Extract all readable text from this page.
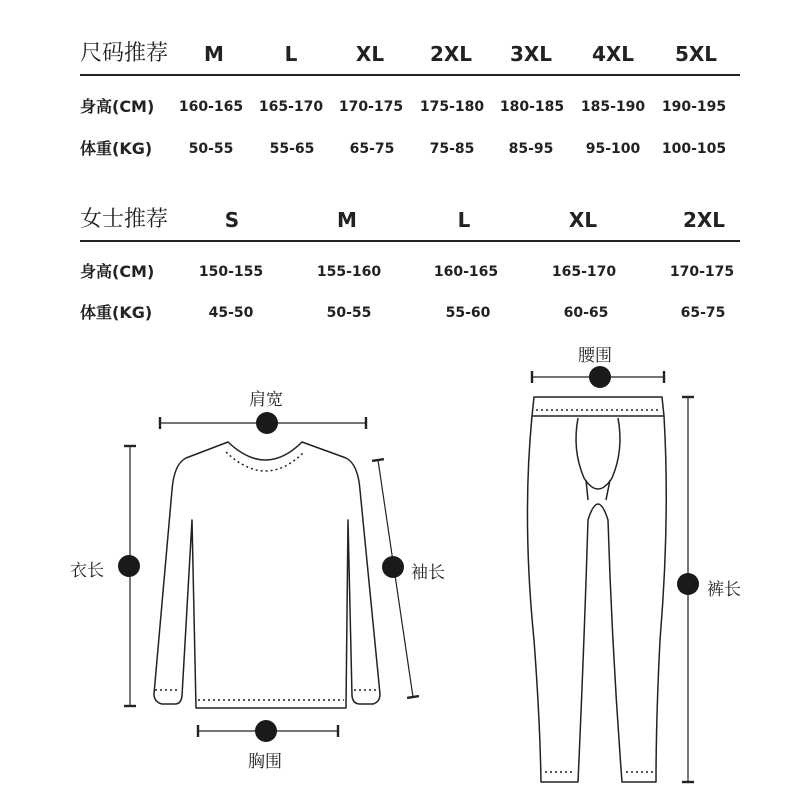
尺码推荐 M	L	XL 2XL 3XL 4XL 5XL
身高(CM) 160-165 165-170 170-175 175-180 180-185 185-190 190-195
体重(KG)	50-55	55-65	65-75	75-85 85-95 95-100 100-105
女士推荐	S	M	L	XL	2XL
身高(CM)	150-155	155-160	160-165	165-170	170-175
体重(KG)	45-50	50-55	55-60	60-65	65-75
肩宽
衣长	袖长
胸围
腰围
裤长
